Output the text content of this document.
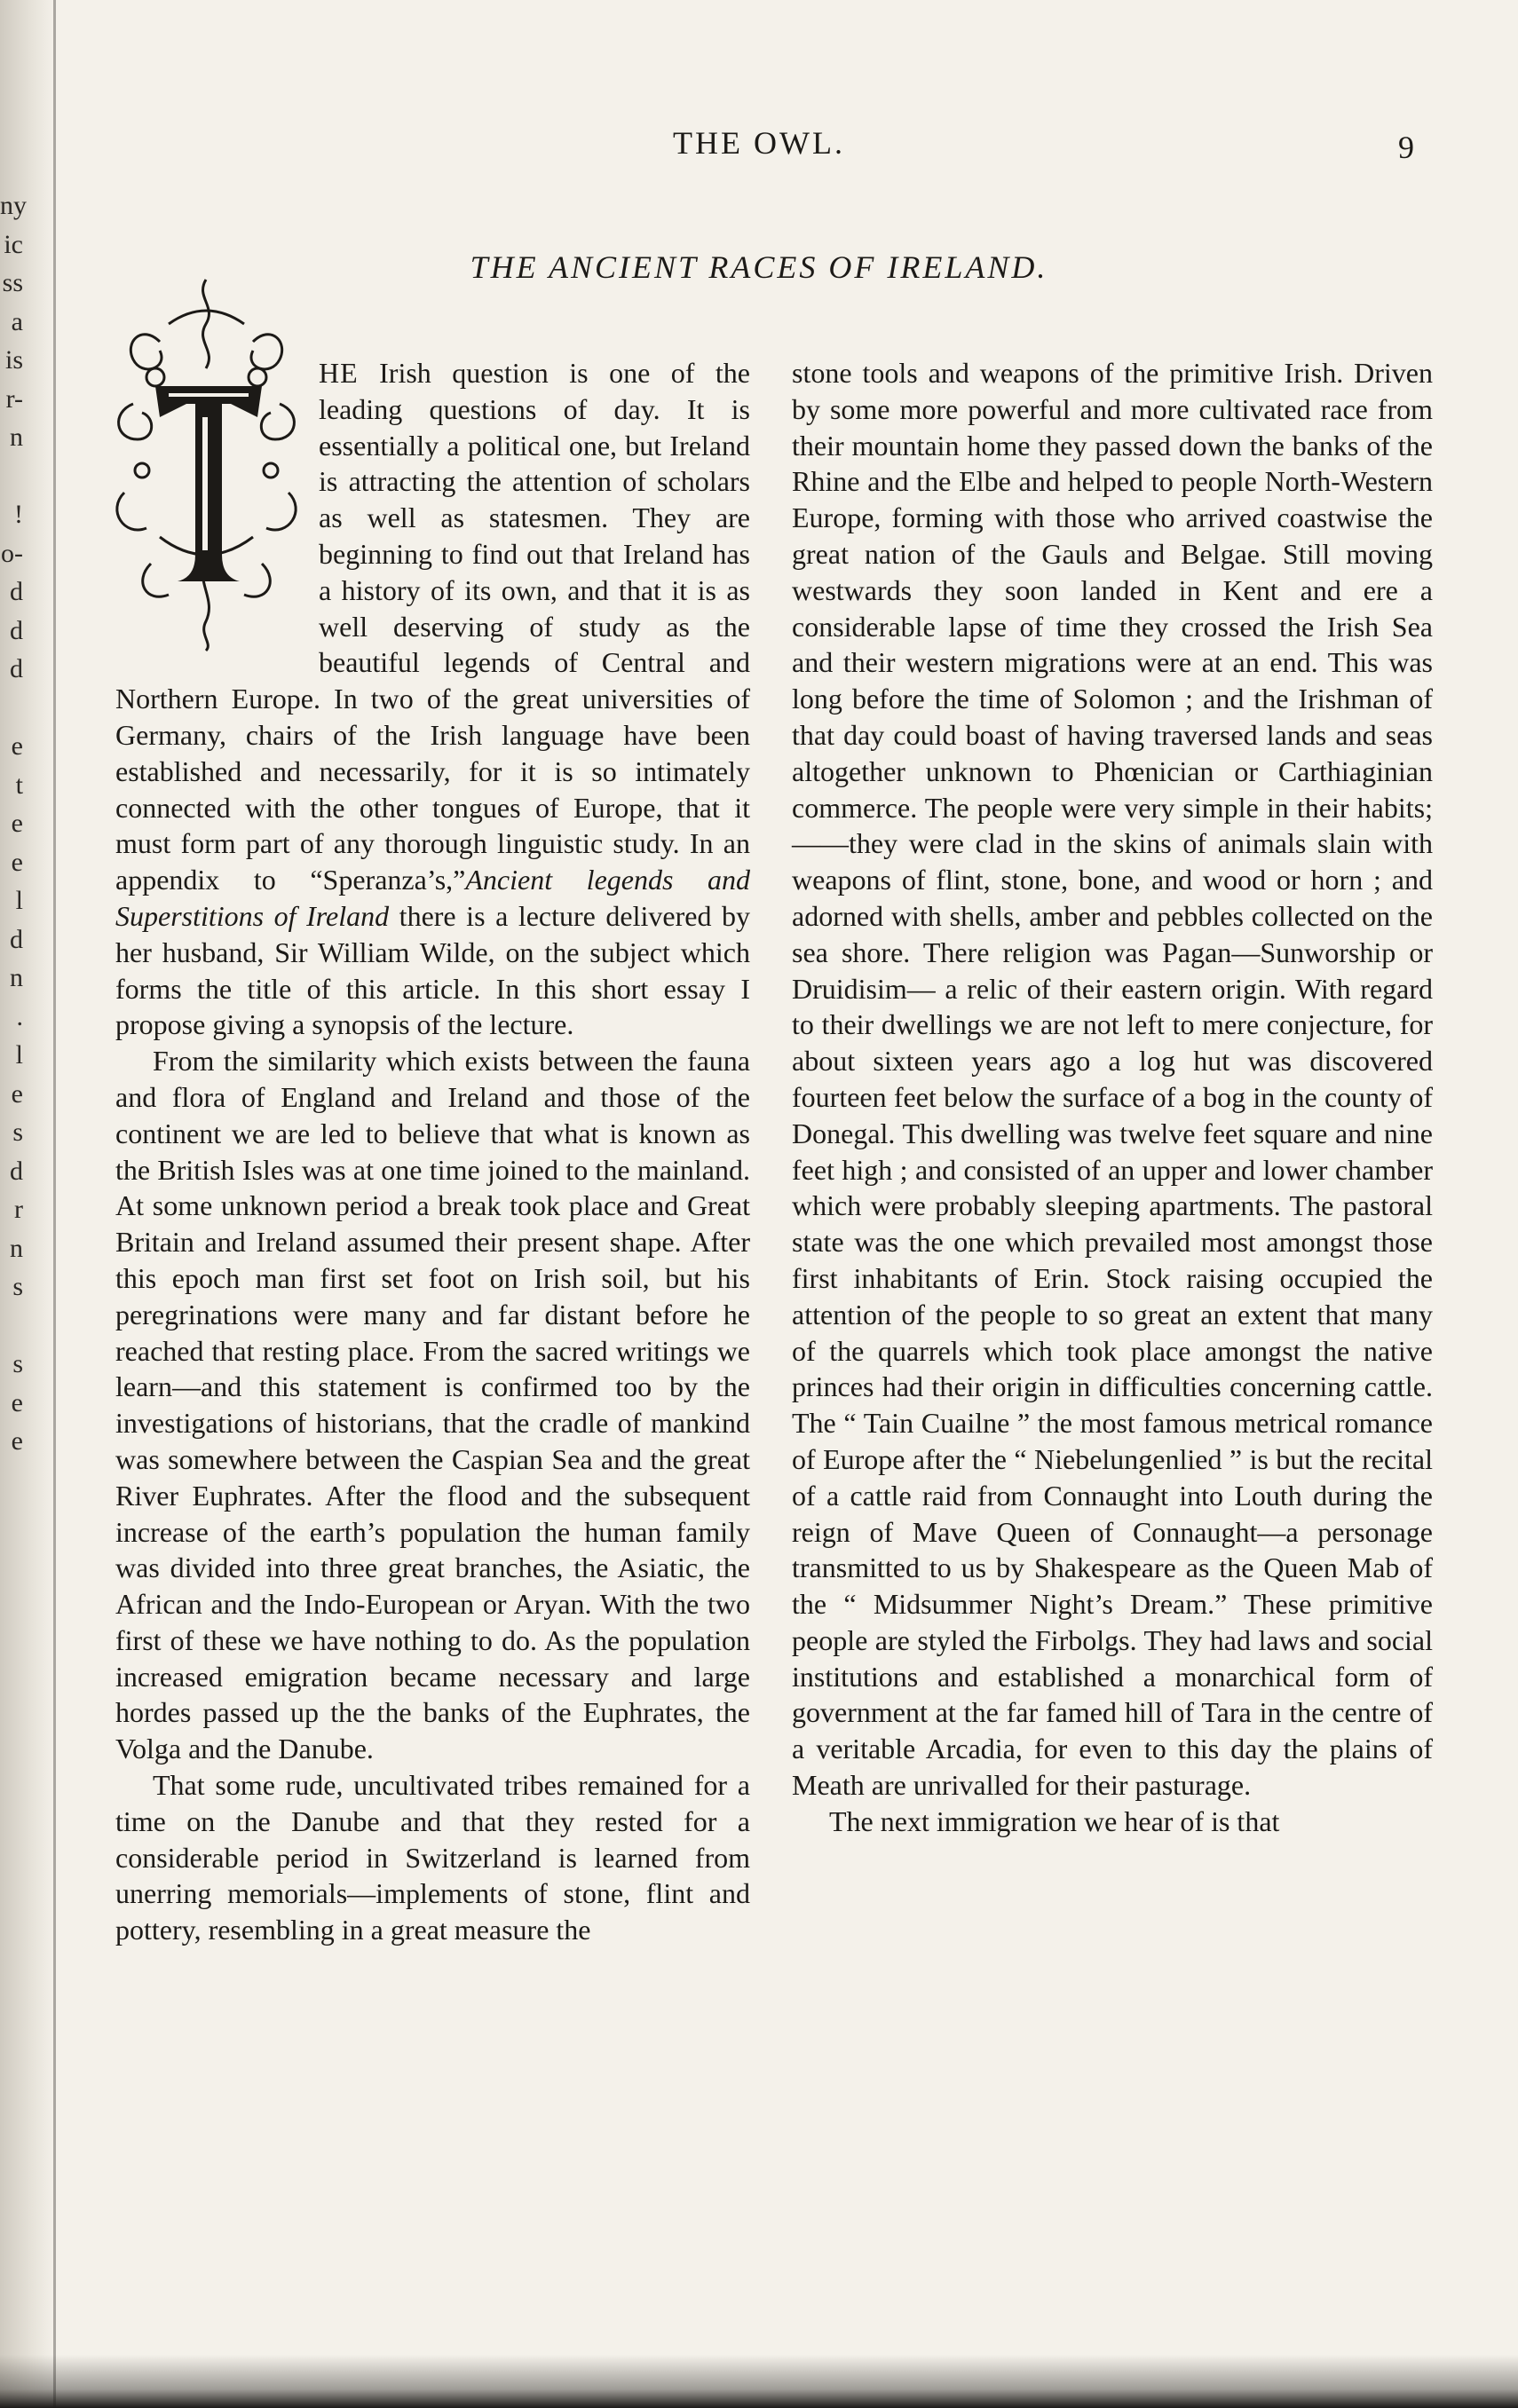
ny
ic
ss
a
is
r-
n

!
o-
d
d
d

e
t
e
e
l
d
n
.
l
e
s
d
r
n
s

s
e
e
THE OWL.	9
THE ANCIENT RACES OF IRELAND.

HE Irish question is one of the leading questions of day. It is essentially a political one, but Ireland is attracting the attention of scholars as well as statesmen. They are beginning to find out that Ireland has a history of its own, and that it is as well deserving of study as the beautiful legends of Central and Northern Europe. In two of the great universities of Germany, chairs of the Irish language have been established and necessarily, for it is so intimately connected with the other tongues of Europe, that it must form part of any thorough linguistic study. In an appendix to “Speranza’s,”Ancient legends and Superstitions of Ireland there is a lecture delivered by her husband, Sir William Wilde, on the subject which forms the title of this article. In this short essay I propose giving a synopsis of the lecture.

From the similarity which exists between the fauna and flora of England and Ireland and those of the continent we are led to believe that what is known as the British Isles was at one time joined to the mainland. At some unknown period a break took place and Great Britain and Ireland assumed their present shape. After this epoch man first set foot on Irish soil, but his peregrinations were many and far distant before he reached that resting place. From the sacred writings we learn—and this statement is confirmed too by the investigations of historians, that the cradle of mankind was somewhere between the Caspian Sea and the great River Euphrates. After the flood and the subsequent increase of the earth’s population the human family was divided into three great branches, the Asiatic, the African and the Indo-European or Aryan. With the two first of these we have nothing to do. As the population increased emigration became necessary and large hordes passed up the the banks of the Euphrates, the Volga and the Danube.

That some rude, uncultivated tribes remained for a time on the Danube and that they rested for a considerable period in Switzerland is learned from unerring memorials—implements of stone, flint and pottery, resembling in a great measure the

stone tools and weapons of the primitive Irish. Driven by some more powerful and more cultivated race from their mountain home they passed down the banks of the Rhine and the Elbe and helped to people North-Western Europe, forming with those who arrived coastwise the great nation of the Gauls and Belgae. Still moving westwards they soon landed in Kent and ere a considerable lapse of time they crossed the Irish Sea and their western migrations were at an end. This was long before the time of Solomon ; and the Irishman of that day could boast of having traversed lands and seas altogether unknown to Phœnician or Carthiaginian commerce. The people were very simple in their habits; ——they were clad in the skins of animals slain with weapons of flint, stone, bone, and wood or horn ; and adorned with shells, amber and pebbles collected on the sea shore. There religion was Pagan—Sunworship or Druidisim— a relic of their eastern origin. With regard to their dwellings we are not left to mere conjecture, for about sixteen years ago a log hut was discovered fourteen feet below the surface of a bog in the county of Donegal. This dwelling was twelve feet square and nine feet high ; and consisted of an upper and lower chamber which were probably sleeping apartments. The pastoral state was the one which prevailed most amongst those first inhabitants of Erin. Stock raising occupied the attention of the people to so great an extent that many of the quarrels which took place amongst the native princes had their origin in difficulties concerning cattle. The “ Tain Cuailne ” the most famous metrical romance of Europe after the “ Niebelungenlied ” is but the recital of a cattle raid from Connaught into Louth during the reign of Mave Queen of Connaught—a personage transmitted to us by Shakespeare as the Queen Mab of the “ Midsummer Night’s Dream.” These primitive people are styled the Firbolgs. They had laws and social institutions and established a monarchical form of government at the far famed hill of Tara in the centre of a veritable Arcadia, for even to this day the plains of Meath are unrivalled for their pasturage.

The next immigration we hear of is that
